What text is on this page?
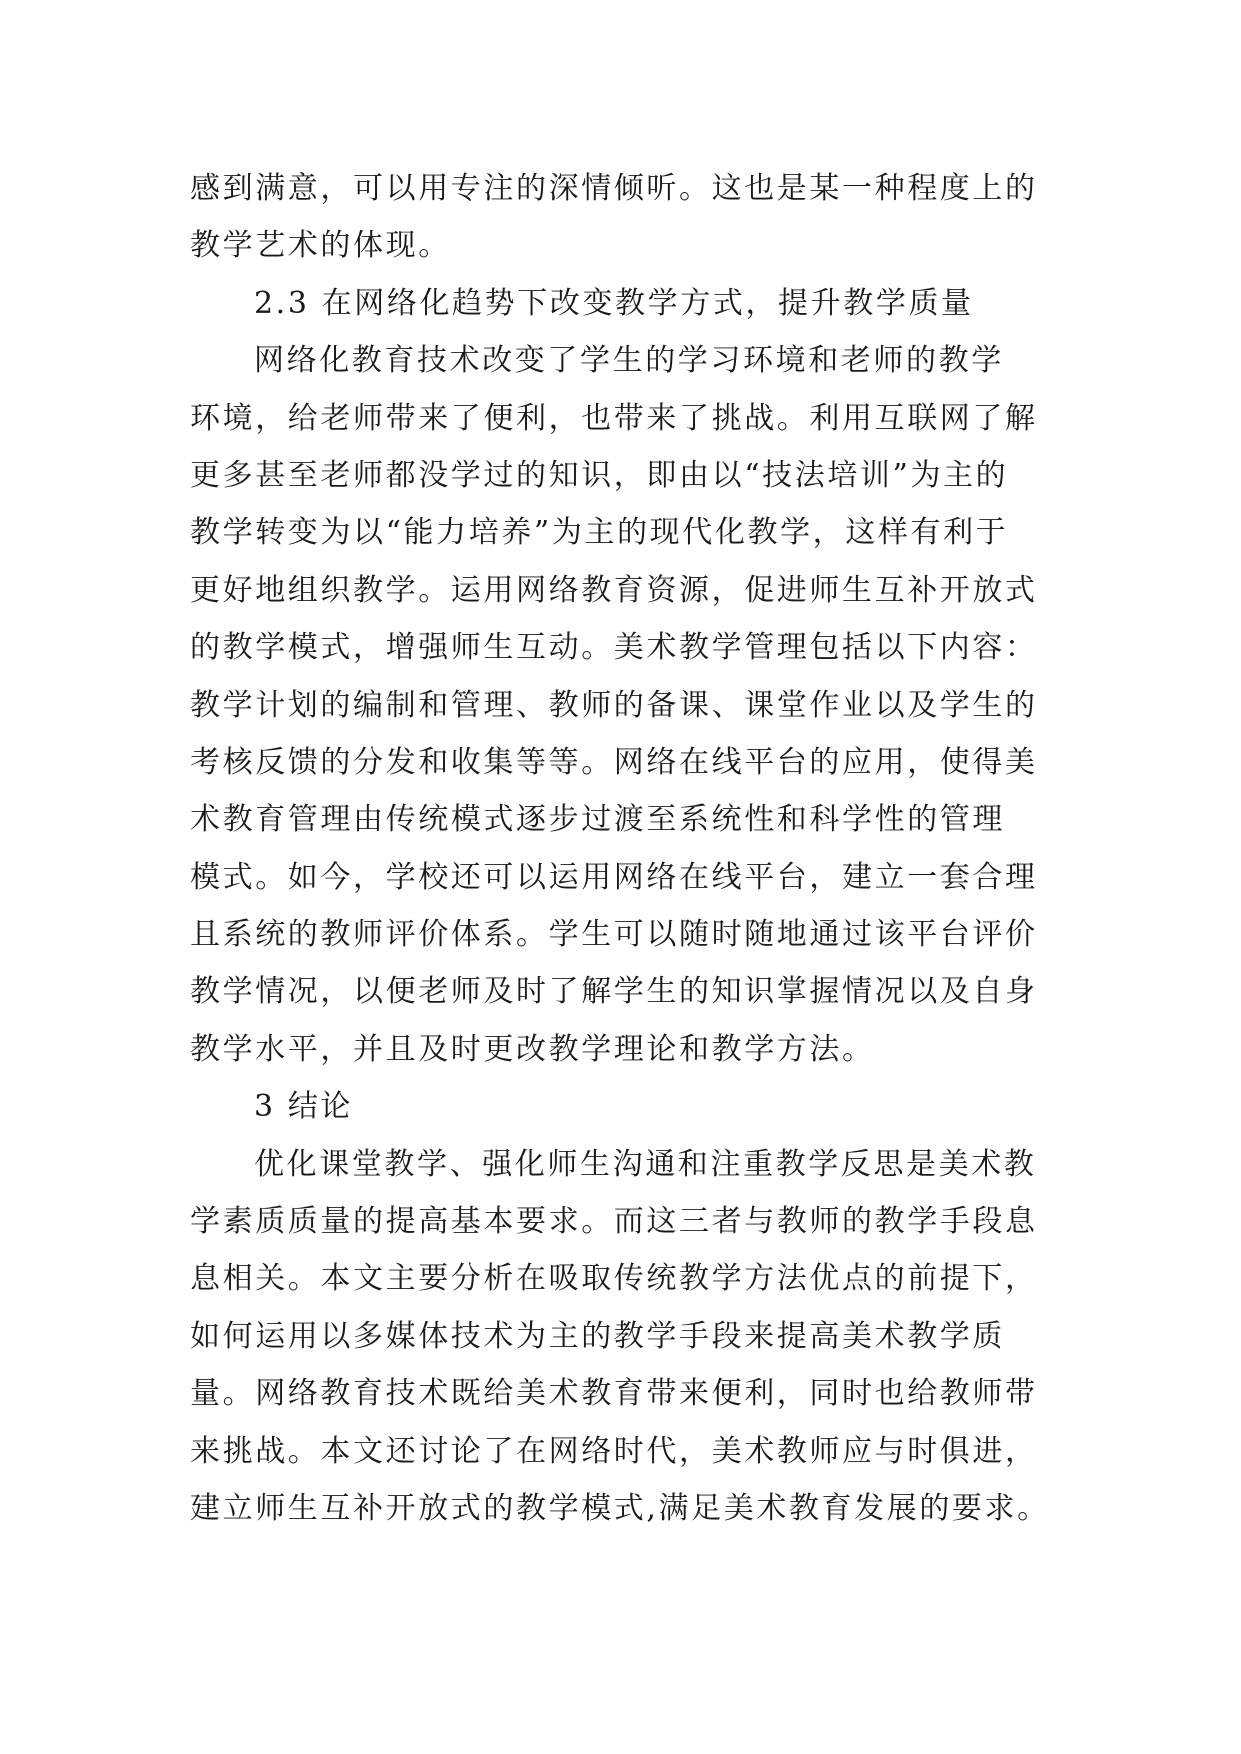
感到满意，可以用专注的深情倾听。这也是某一种程度上的
教学艺术的体现。
2.3 在网络化趋势下改变教学方式，提升教学质量
网络化教育技术改变了学生的学习环境和老师的教学
环境，给老师带来了便利，也带来了挑战。利用互联网了解
更多甚至老师都没学过的知识，即由以“技法培训”为主的
教学转变为以“能力培养”为主的现代化教学，这样有利于
更好地组织教学。运用网络教育资源，促进师生互补开放式
的教学模式，增强师生互动。美术教学管理包括以下内容：
教学计划的编制和管理、教师的备课、课堂作业以及学生的
考核反馈的分发和收集等等。网络在线平台的应用，使得美
术教育管理由传统模式逐步过渡至系统性和科学性的管理
模式。如今，学校还可以运用网络在线平台，建立一套合理
且系统的教师评价体系。学生可以随时随地通过该平台评价
教学情况，以便老师及时了解学生的知识掌握情况以及自身
教学水平，并且及时更改教学理论和教学方法。
3 结论
优化课堂教学、强化师生沟通和注重教学反思是美术教
学素质质量的提高基本要求。而这三者与教师的教学手段息
息相关。本文主要分析在吸取传统教学方法优点的前提下，
如何运用以多媒体技术为主的教学手段来提高美术教学质
量。网络教育技术既给美术教育带来便利，同时也给教师带
来挑战。本文还讨论了在网络时代，美术教师应与时俱进，
建立师生互补开放式的教学模式,满足美术教育发展的要求。
